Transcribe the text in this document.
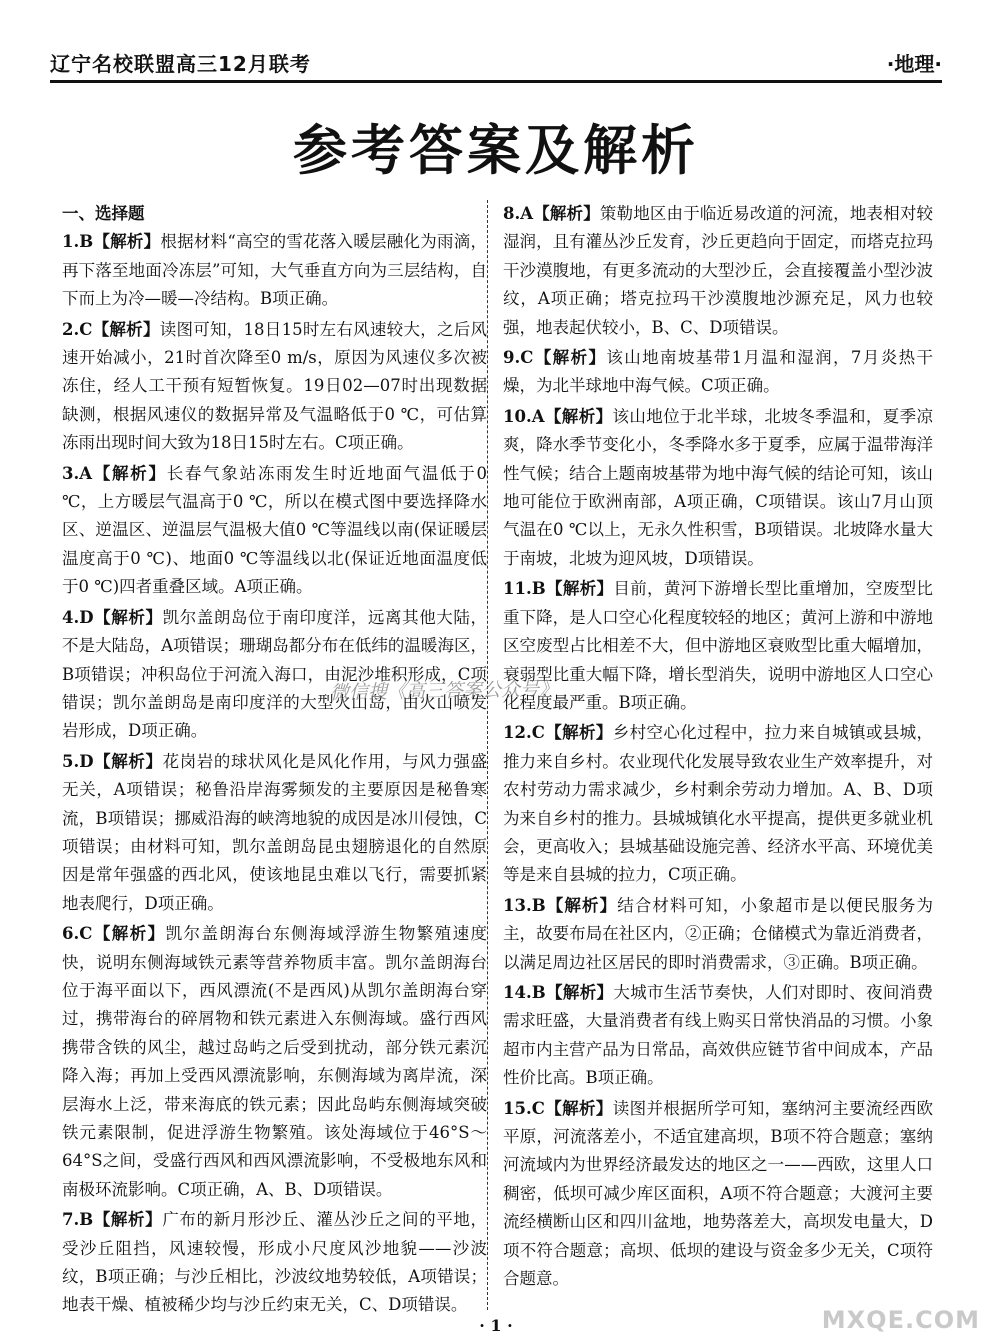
辽宁名校联盟高三12月联考	·地理·
参考答案及解析
一、选择题
1.B【解析】根据材料“高空的雪花落入暖层融化为雨滴，再下落至地面冷冻层”可知，大气垂直方向为三层结构，自下而上为冷—暖—冷结构。B项正确。
2.C【解析】读图可知，18日15时左右风速较大，之后风速开始减小，21时首次降至0 m/s，原因为风速仪多次被冻住，经人工干预有短暂恢复。19日02—07时出现数据缺测，根据风速仪的数据异常及气温略低于0 ℃，可估算冻雨出现时间大致为18日15时左右。C项正确。
3.A【解析】长春气象站冻雨发生时近地面气温低于0 ℃，上方暖层气温高于0 ℃，所以在模式图中要选择降水区、逆温区、逆温层气温极大值0 ℃等温线以南(保证暖层温度高于0 ℃)、地面0 ℃等温线以北(保证近地面温度低于0 ℃)四者重叠区域。A项正确。
4.D【解析】凯尔盖朗岛位于南印度洋，远离其他大陆，不是大陆岛，A项错误；珊瑚岛都分布在低纬的温暖海区，B项错误；冲积岛位于河流入海口，由泥沙堆积形成，C项错误；凯尔盖朗岛是南印度洋的大型火山岛，由火山喷发岩形成，D项正确。
5.D【解析】花岗岩的球状风化是风化作用，与风力强盛无关，A项错误；秘鲁沿岸海雾频发的主要原因是秘鲁寒流，B项错误；挪威沿海的峡湾地貌的成因是冰川侵蚀，C项错误；由材料可知，凯尔盖朗岛昆虫翅膀退化的自然原因是常年强盛的西北风，使该地昆虫难以飞行，需要抓紧地表爬行，D项正确。
6.C【解析】凯尔盖朗海台东侧海域浮游生物繁殖速度快，说明东侧海域铁元素等营养物质丰富。凯尔盖朗海台位于海平面以下，西风漂流(不是西风)从凯尔盖朗海台穿过，携带海台的碎屑物和铁元素进入东侧海域。盛行西风携带含铁的风尘，越过岛屿之后受到扰动，部分铁元素沉降入海；再加上受西风漂流影响，东侧海域为离岸流，深层海水上泛，带来海底的铁元素；因此岛屿东侧海域突破铁元素限制，促进浮游生物繁殖。该处海域位于46°S～64°S之间，受盛行西风和西风漂流影响，不受极地东风和南极环流影响。C项正确，A、B、D项错误。
7.B【解析】广布的新月形沙丘、灌丛沙丘之间的平地，受沙丘阻挡，风速较慢，形成小尺度风沙地貌——沙波纹，B项正确；与沙丘相比，沙波纹地势较低，A项错误；地表干燥、植被稀少均与沙丘约束无关，C、D项错误。
8.A【解析】策勒地区由于临近易改道的河流，地表相对较湿润，且有灌丛沙丘发育，沙丘更趋向于固定，而塔克拉玛干沙漠腹地，有更多流动的大型沙丘，会直接覆盖小型沙波纹，A项正确；塔克拉玛干沙漠腹地沙源充足，风力也较强，地表起伏较小，B、C、D项错误。
9.C【解析】该山地南坡基带1月温和湿润，7月炎热干燥，为北半球地中海气候。C项正确。
10.A【解析】该山地位于北半球，北坡冬季温和，夏季凉爽，降水季节变化小，冬季降水多于夏季，应属于温带海洋性气候；结合上题南坡基带为地中海气候的结论可知，该山地可能位于欧洲南部，A项正确，C项错误。该山7月山顶气温在0 ℃以上，无永久性积雪，B项错误。北坡降水量大于南坡，北坡为迎风坡，D项错误。
11.B【解析】目前，黄河下游增长型比重增加，空废型比重下降，是人口空心化程度较轻的地区；黄河上游和中游地区空废型占比相差不大，但中游地区衰败型比重大幅增加，衰弱型比重大幅下降，增长型消失，说明中游地区人口空心化程度最严重。B项正确。
12.C【解析】乡村空心化过程中，拉力来自城镇或县城，推力来自乡村。农业现代化发展导致农业生产效率提升，对农村劳动力需求减少，乡村剩余劳动力增加。A、B、D项为来自乡村的推力。县城城镇化水平提高，提供更多就业机会，更高收入；县城基础设施完善、经济水平高、环境优美等是来自县城的拉力，C项正确。
13.B【解析】结合材料可知，小象超市是以便民服务为主，故要布局在社区内，②正确；仓储模式为靠近消费者，以满足周边社区居民的即时消费需求，③正确。B项正确。
14.B【解析】大城市生活节奏快，人们对即时、夜间消费需求旺盛，大量消费者有线上购买日常快消品的习惯。小象超市内主营产品为日常品，高效供应链节省中间成本，产品性价比高。B项正确。
15.C【解析】读图并根据所学可知，塞纳河主要流经西欧平原，河流落差小，不适宜建高坝，B项不符合题意；塞纳河流域内为世界经济最发达的地区之一——西欧，这里人口稠密，低坝可减少库区面积，A项不符合题意；大渡河主要流经横断山区和四川盆地，地势落差大，高坝发电量大，D项不符合题意；高坝、低坝的建设与资金多少无关，C项符合题意。
微信搜《高三答案公众号》
MXQE.COM
· 1 ·
